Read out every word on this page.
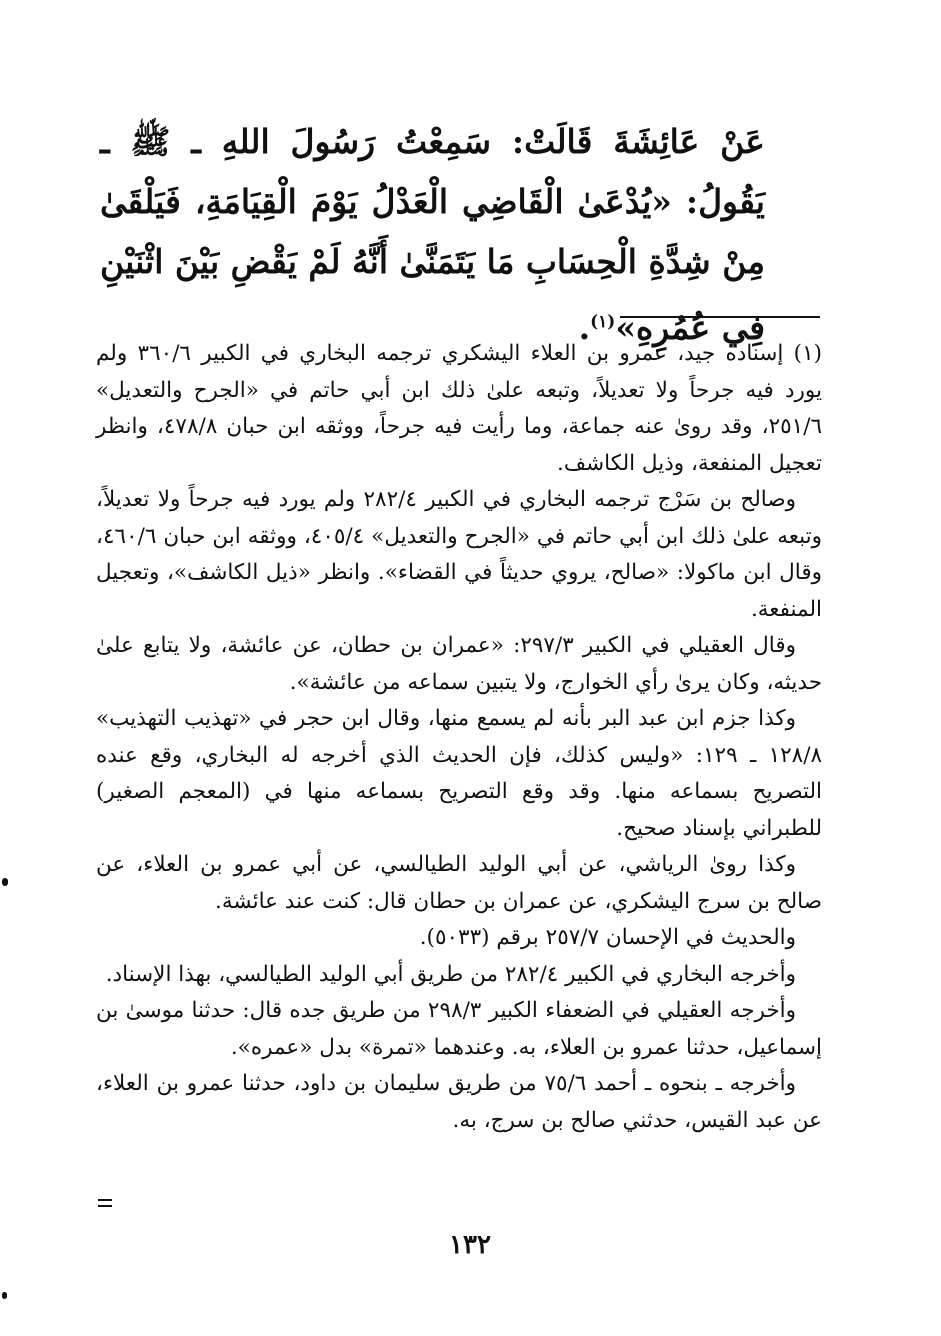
عَنْ عَائِشَةَ قَالَتْ: سَمِعْتُ رَسُولَ اللهِ ـ ﷺ ـ يَقُولُ: «يُدْعَىٰ الْقَاضِي الْعَدْلُ يَوْمَ الْقِيَامَةِ، فَيَلْقَىٰ مِنْ شِدَّةِ الْحِسَابِ مَا يَتَمَنَّىٰ أَنَّهُ لَمْ يَقْضِ بَيْنَ اثْنَيْنِ فِي عُمُرِهِ»$^{(١)}$.

(١) إسناده جيد، عمرو بن العلاء اليشكري ترجمه البخاري في الكبير ٣٦٠/٦ ولم يورد فيه جرحاً ولا تعديلاً، وتبعه علىٰ ذلك ابن أبي حاتم في «الجرح والتعديل» ٢٥١/٦، وقد روىٰ عنه جماعة، وما رأيت فيه جرحاً، ووثقه ابن حبان ٤٧٨/٨، وانظر تعجيل المنفعة، وذيل الكاشف.

وصالح بن سَرْج ترجمه البخاري في الكبير ٢٨٢/٤ ولم يورد فيه جرحاً ولا تعديلاً، وتبعه علىٰ ذلك ابن أبي حاتم في «الجرح والتعديل» ٤٠٥/٤، ووثقه ابن حبان ٤٦٠/٦، وقال ابن ماكولا: «صالح، يروي حديثاً في القضاء». وانظر «ذيل الكاشف»، وتعجيل المنفعة.

وقال العقيلي في الكبير ٢٩٧/٣: «عمران بن حطان، عن عائشة، ولا يتابع علىٰ حديثه، وكان يرىٰ رأي الخوارج، ولا يتبين سماعه من عائشة».

وكذا جزم ابن عبد البر بأنه لم يسمع منها، وقال ابن حجر في «تهذيب التهذيب» ١٢٨/٨ ـ ١٢٩: «وليس كذلك، فإن الحديث الذي أخرجه له البخاري، وقع عنده التصريح بسماعه منها. وقد وقع التصريح بسماعه منها في (المعجم الصغير) للطبراني بإسناد صحيح.

وكذا روىٰ الرياشي، عن أبي الوليد الطيالسي، عن أبي عمرو بن العلاء، عن صالح بن سرج اليشكري، عن عمران بن حطان قال: كنت عند عائشة.

والحديث في الإحسان ٢٥٧/٧ برقم (٥٠٣٣).

وأخرجه البخاري في الكبير ٢٨٢/٤ من طريق أبي الوليد الطيالسي، بهذا الإسناد.

وأخرجه العقيلي في الضعفاء الكبير ٢٩٨/٣ من طريق جده قال: حدثنا موسىٰ بن إسماعيل، حدثنا عمرو بن العلاء، به. وعندهما «تمرة» بدل «عمره».

وأخرجه ـ بنحوه ـ أحمد ٧٥/٦ من طريق سليمان بن داود، حدثنا عمرو بن العلاء، عن عبد القيس، حدثني صالح بن سرج، به.

١٣٢
